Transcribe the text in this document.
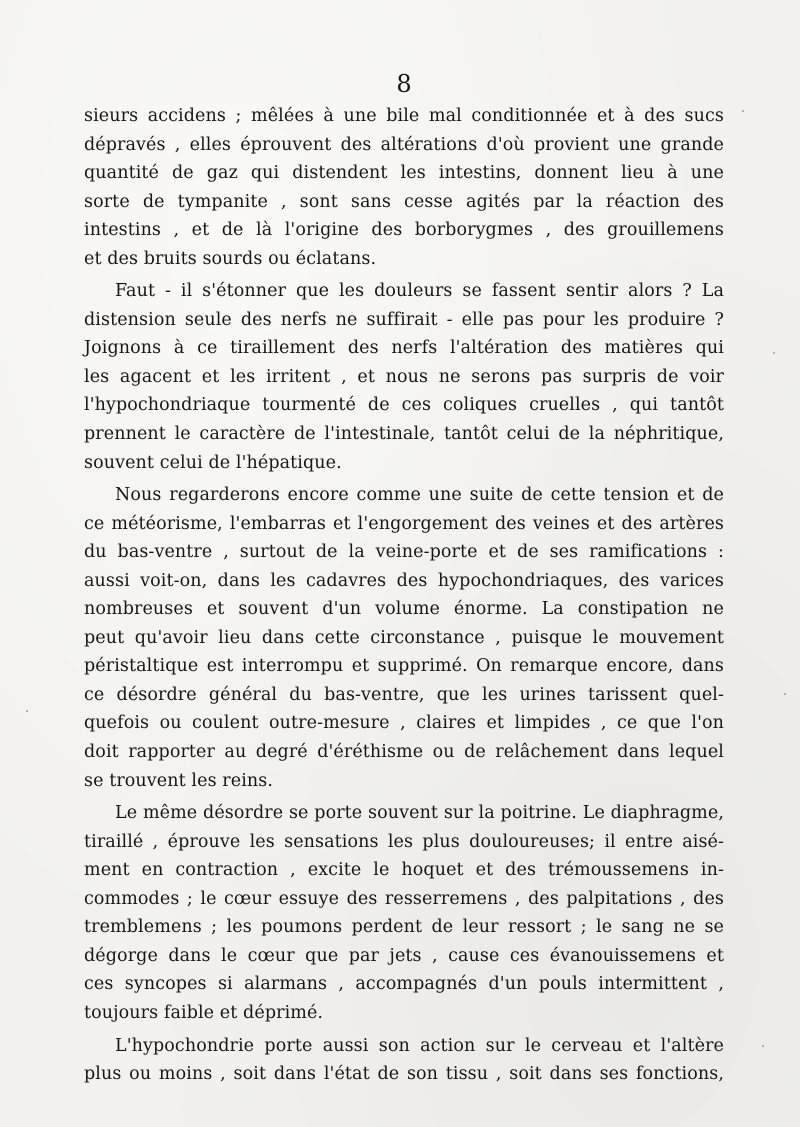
8
sieurs accidens ; mêlées à une bile mal conditionnée et à des sucs
dépravés , elles éprouvent des altérations d'où provient une grande
quantité de gaz qui distendent les intestins, donnent lieu à une
sorte de tympanite , sont sans cesse agités par la réaction des
intestins , et de là l'origine des borborygmes , des grouillemens
et des bruits sourds ou éclatans.
Faut - il s'étonner que les douleurs se fassent sentir alors ? La
distension seule des nerfs ne suffirait - elle pas pour les produire ?
Joignons à ce tiraillement des nerfs l'altération des matières qui
les agacent et les irritent , et nous ne serons pas surpris de voir
l'hypochondriaque tourmenté de ces coliques cruelles , qui tantôt
prennent le caractère de l'intestinale, tantôt celui de la néphritique,
souvent celui de l'hépatique.
Nous regarderons encore comme une suite de cette tension et de
ce météorisme, l'embarras et l'engorgement des veines et des artères
du bas-ventre , surtout de la veine-porte et de ses ramifications :
aussi voit-on, dans les cadavres des hypochondriaques, des varices
nombreuses et souvent d'un volume énorme. La constipation ne
peut qu'avoir lieu dans cette circonstance , puisque le mouvement
péristaltique est interrompu et supprimé. On remarque encore, dans
ce désordre général du bas-ventre, que les urines tarissent quel-
quefois ou coulent outre-mesure , claires et limpides , ce que l'on
doit rapporter au degré d'éréthisme ou de relâchement dans lequel
se trouvent les reins.
Le même désordre se porte souvent sur la poitrine. Le diaphragme,
tiraillé , éprouve les sensations les plus douloureuses; il entre aisé-
ment en contraction , excite le hoquet et des trémoussemens in-
commodes ; le cœur essuye des resserremens , des palpitations , des
tremblemens ; les poumons perdent de leur ressort ; le sang ne se
dégorge dans le cœur que par jets , cause ces évanouissemens et
ces syncopes si alarmans , accompagnés d'un pouls intermittent ,
toujours faible et déprimé.
L'hypochondrie porte aussi son action sur le cerveau et l'altère
plus ou moins , soit dans l'état de son tissu , soit dans ses fonctions,
